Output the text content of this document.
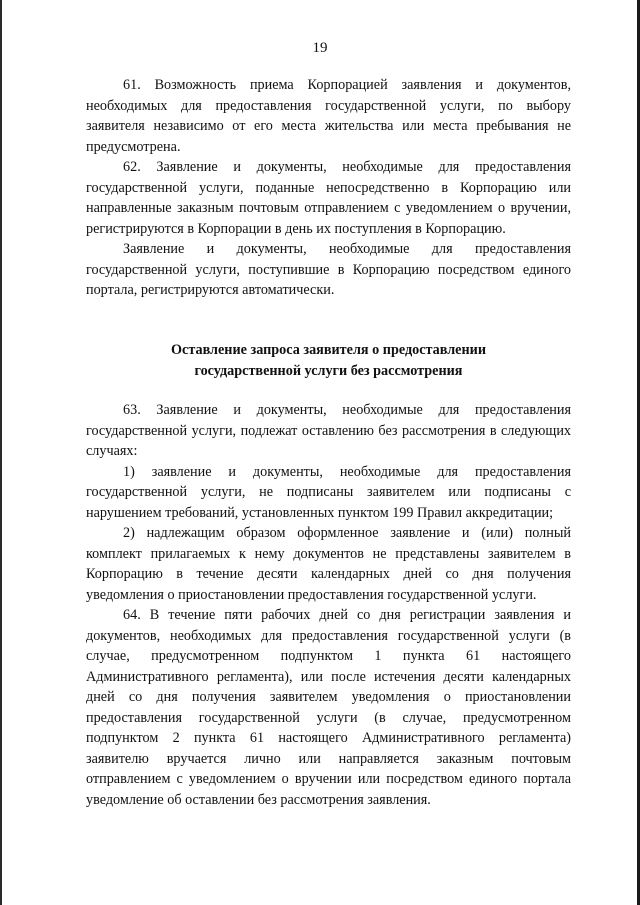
19

61. Возможность приема Корпорацией заявления и документов, необходимых для предоставления государственной услуги, по выбору заявителя независимо от его места жительства или места пребывания не предусмотрена.

62. Заявление и документы, необходимые для предоставления государственной услуги, поданные непосредственно в Корпорацию или направленные заказным почтовым отправлением с уведомлением о вручении, регистрируются в Корпорации в день их поступления в Корпорацию.

Заявление и документы, необходимые для предоставления государственной услуги, поступившие в Корпорацию посредством единого портала, регистрируются автоматически.

Оставление запроса заявителя о предоставлении
государственной услуги без рассмотрения

63. Заявление и документы, необходимые для предоставления государственной услуги, подлежат оставлению без рассмотрения в следующих случаях:

1) заявление и документы, необходимые для предоставления государственной услуги, не подписаны заявителем или подписаны с нарушением требований, установленных пунктом 199 Правил аккредитации;

2) надлежащим образом оформленное заявление и (или) полный комплект прилагаемых к нему документов не представлены заявителем в Корпорацию в течение десяти календарных дней со дня получения уведомления о приостановлении предоставления государственной услуги.

64. В течение пяти рабочих дней со дня регистрации заявления и документов, необходимых для предоставления государственной услуги (в случае, предусмотренном подпунктом 1 пункта 61 настоящего Административного регламента), или после истечения десяти календарных дней со дня получения заявителем уведомления о приостановлении предоставления государственной услуги (в случае, предусмотренном подпунктом 2 пункта 61 настоящего Административного регламента) заявителю вручается лично или направляется заказным почтовым отправлением с уведомлением о вручении или посредством единого портала уведомление об оставлении без рассмотрения заявления.
